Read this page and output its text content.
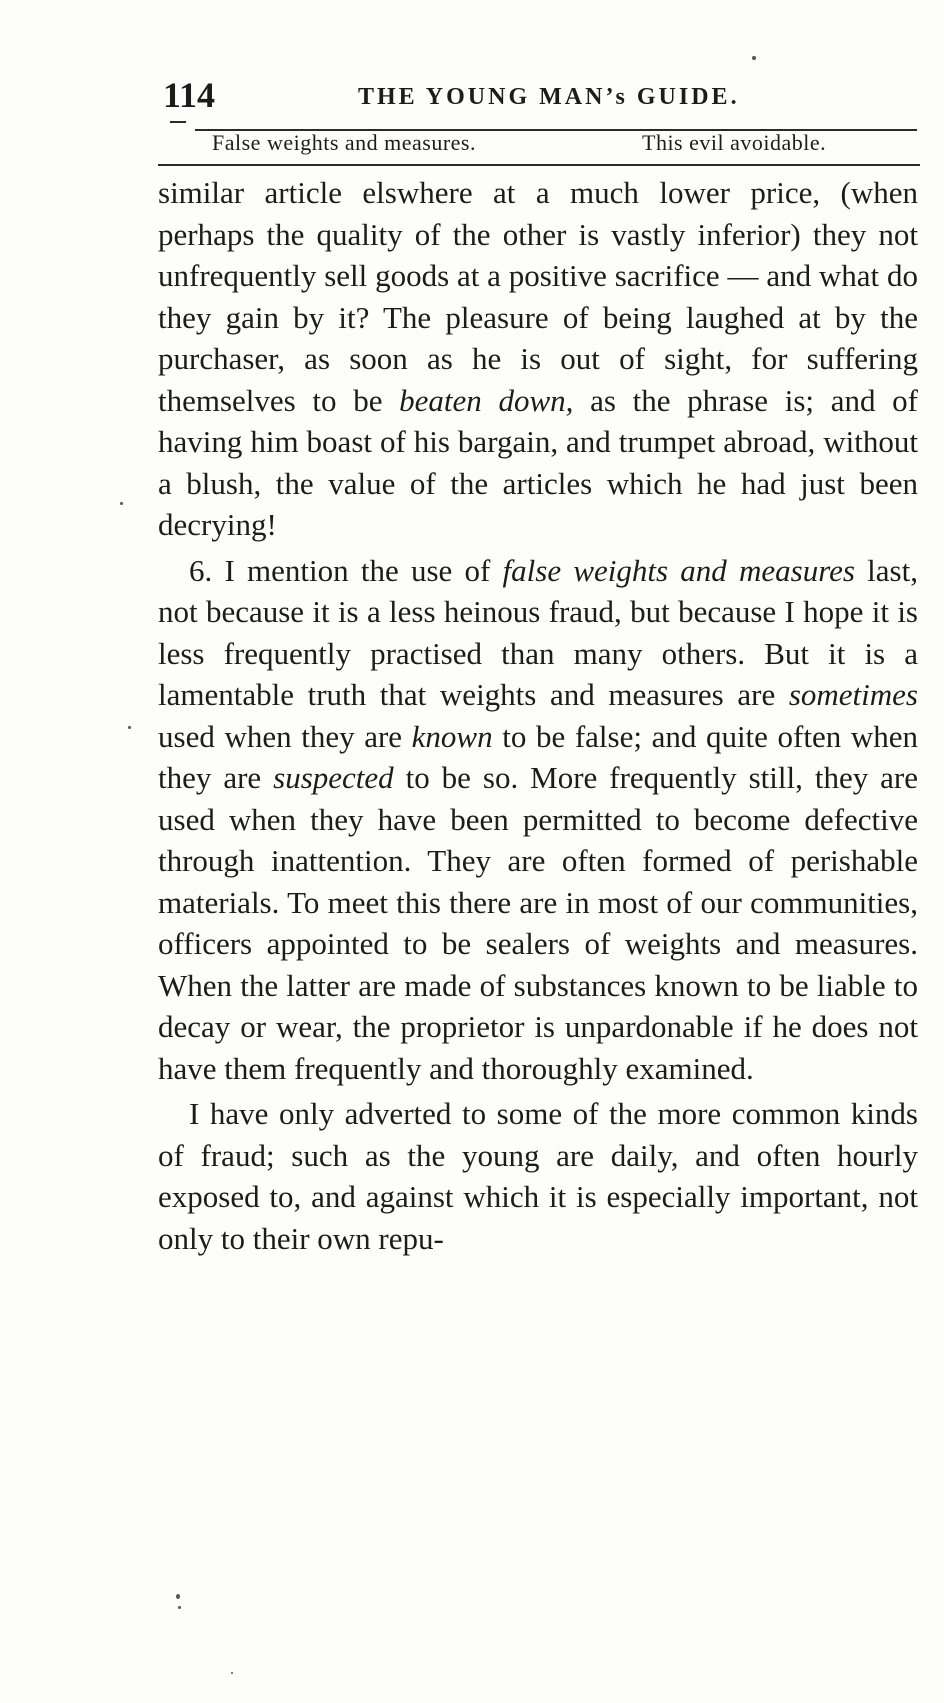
114	THE YOUNG MAN’s GUIDE.
False weights and measures.	This evil avoidable.

similar article elswhere at a much lower price, (when perhaps the quality of the other is vastly inferior) they not unfrequently sell goods at a positive sacrifice — and what do they gain by it? The pleasure of being laughed at by the purchaser, as soon as he is out of sight, for suffering themselves to be beaten down, as the phrase is; and of having him boast of his bargain, and trumpet abroad, without a blush, the value of the articles which he had just been decrying!

6. I mention the use of false weights and measures last, not because it is a less heinous fraud, but because I hope it is less frequently practised than many others. But it is a lamentable truth that weights and measures are sometimes used when they are known to be false; and quite often when they are suspected to be so. More frequently still, they are used when they have been permitted to become defective through inattention. They are often formed of perishable materials. To meet this there are in most of our communities, officers appointed to be sealers of weights and measures. When the latter are made of substances known to be liable to decay or wear, the proprietor is unpardonable if he does not have them frequently and thoroughly examined.

I have only adverted to some of the more common kinds of fraud; such as the young are daily, and often hourly exposed to, and against which it is especially important, not only to their own repu-
